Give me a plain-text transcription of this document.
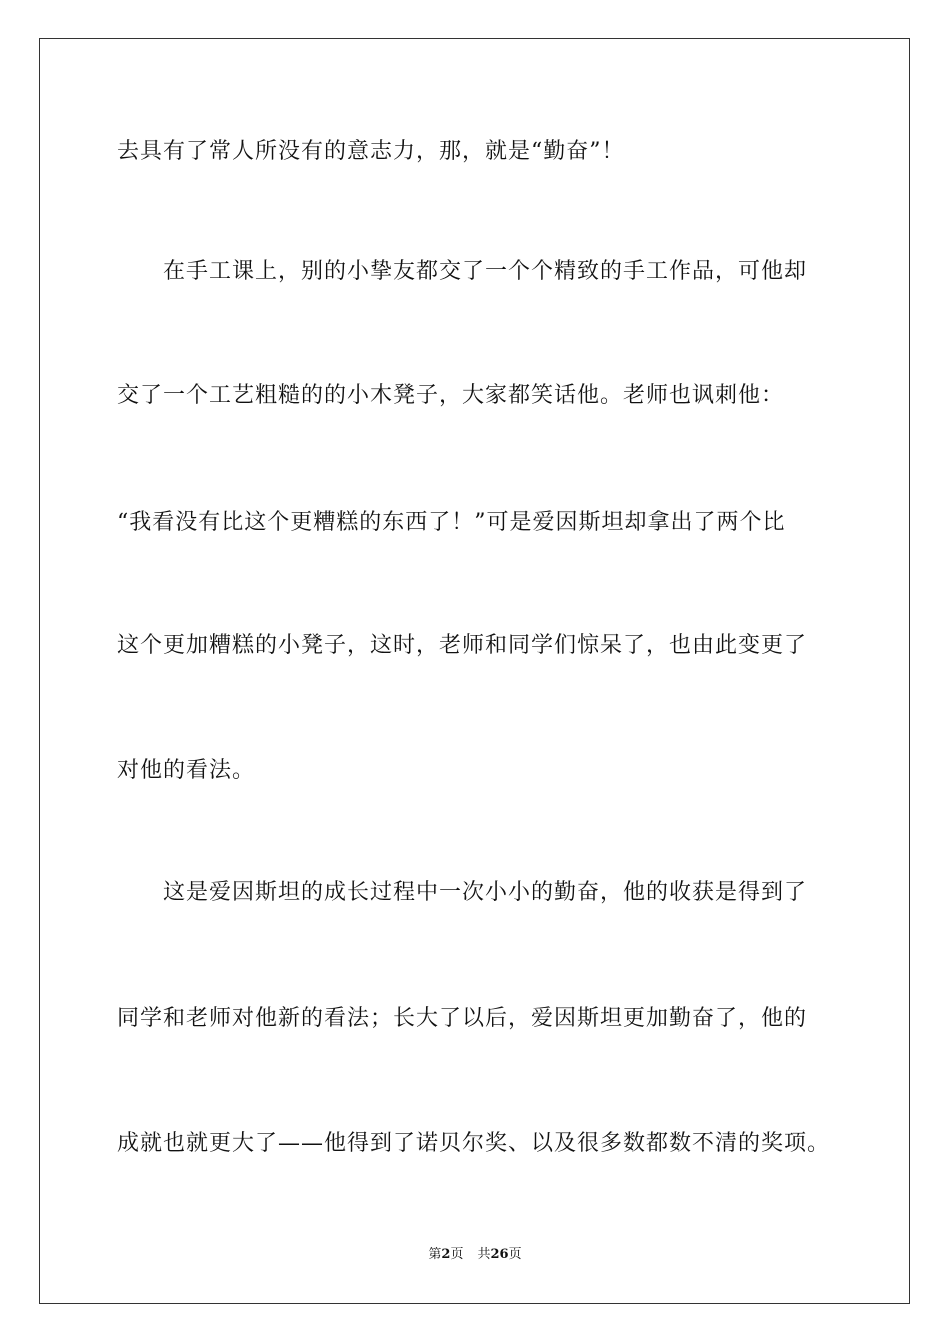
去具有了常人所没有的意志力，那，就是“勤奋”！
在手工课上，别的小挚友都交了一个个精致的手工作品，可他却
交了一个工艺粗糙的的小木凳子，大家都笑话他。老师也讽刺他：
“我看没有比这个更糟糕的东西了！”可是爱因斯坦却拿出了两个比
这个更加糟糕的小凳子，这时，老师和同学们惊呆了，也由此变更了
对他的看法。
这是爱因斯坦的成长过程中一次小小的勤奋，他的收获是得到了
同学和老师对他新的看法；长大了以后，爱因斯坦更加勤奋了，他的
成就也就更大了——他得到了诺贝尔奖、以及很多数都数不清的奖项。
第2页 共26页
